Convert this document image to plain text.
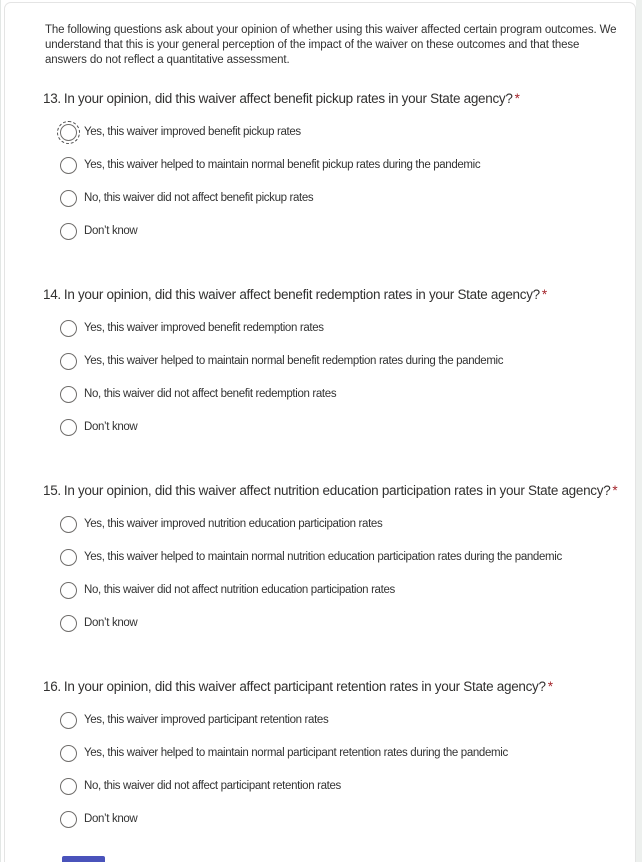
The following questions ask about your opinion of whether using this waiver affected certain program outcomes. We understand that this is your general perception of the impact of the waiver on these outcomes and that these answers do not reflect a quantitative assessment.

13. In your opinion, did this waiver affect benefit pickup rates in your State agency? *
Yes, this waiver improved benefit pickup rates
Yes, this waiver helped to maintain normal benefit pickup rates during the pandemic
No, this waiver did not affect benefit pickup rates
Don’t know
14. In your opinion, did this waiver affect benefit redemption rates in your State agency? *
Yes, this waiver improved benefit redemption rates
Yes, this waiver helped to maintain normal benefit redemption rates during the pandemic
No, this waiver did not affect benefit redemption rates
Don’t know
15. In your opinion, did this waiver affect nutrition education participation rates in your State agency? *
Yes, this waiver improved nutrition education participation rates
Yes, this waiver helped to maintain normal nutrition education participation rates during the pandemic
No, this waiver did not affect nutrition education participation rates
Don’t know
16. In your opinion, did this waiver affect participant retention rates in your State agency? *
Yes, this waiver improved participant retention rates
Yes, this waiver helped to maintain normal participant retention rates during the pandemic
No, this waiver did not affect participant retention rates
Don’t know
